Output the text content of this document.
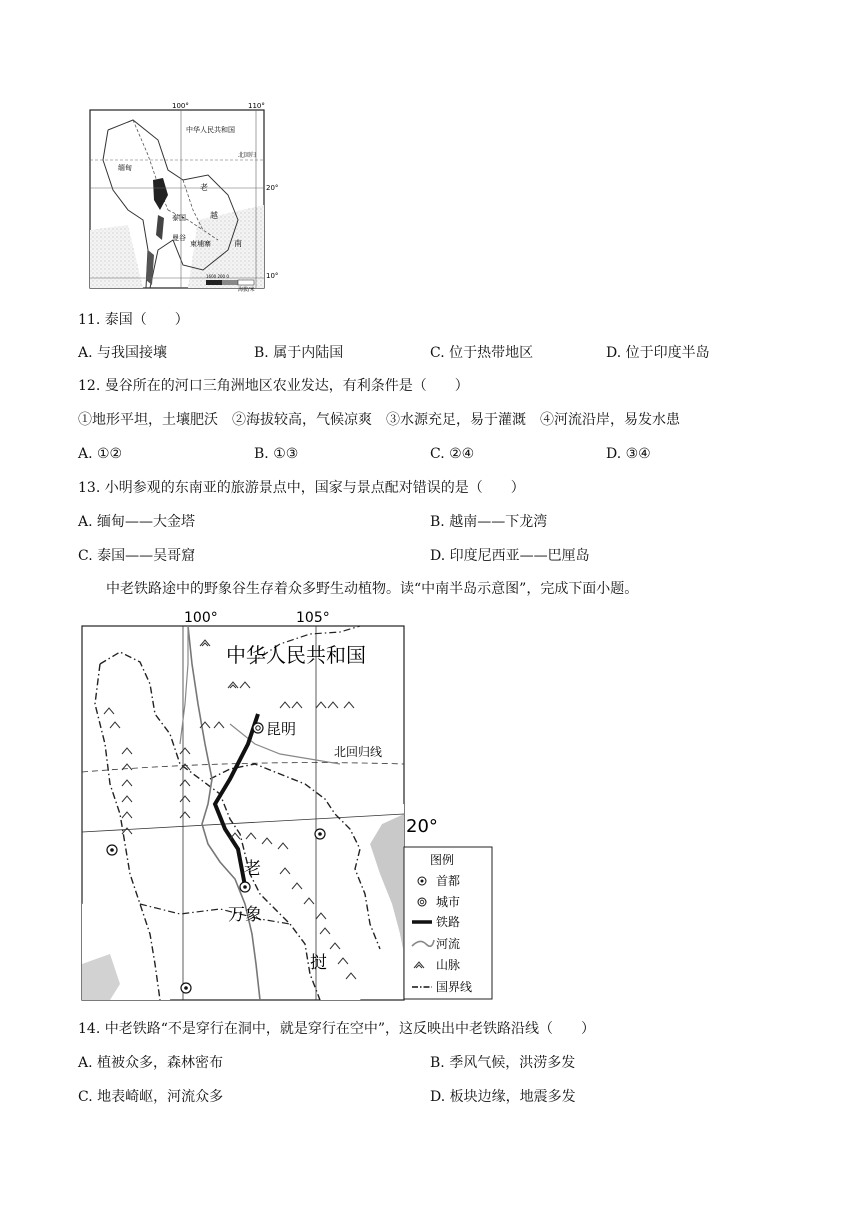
100°	110°
20°
10°
中华人民共和国
北回归
缅甸
老
泰国	越
曼谷
柬埔寨	南
1600 200 0
海拔/米
11. 泰国（　　）
A. 与我国接壤	B. 属于内陆国	C. 位于热带地区	D. 位于印度半岛
12. 曼谷所在的河口三角洲地区农业发达，有利条件是（　　）
①地形平坦，土壤肥沃　②海拔较高，气候凉爽　③水源充足，易于灌溉　④河流沿岸，易发水患
A. ①②	B. ①③	C. ②④	D. ③④
13. 小明参观的东南亚的旅游景点中，国家与景点配对错误的是（　　）
A. 缅甸——大金塔	B. 越南——下龙湾
C. 泰国——吴哥窟	D. 印度尼西亚——巴厘岛
中老铁路途中的野象谷生存着众多野生动植物。读“中南半岛示意图”，完成下面小题。
100°	105°
20°
中华人民共和国
昆明
北回归线
老
万象
挝
图例
首都
城市
铁路
河流
山脉
国界线
14. 中老铁路“不是穿行在洞中，就是穿行在空中”，这反映出中老铁路沿线（　　）
A. 植被众多，森林密布	B. 季风气候，洪涝多发
C. 地表崎岖，河流众多	D. 板块边缘，地震多发
